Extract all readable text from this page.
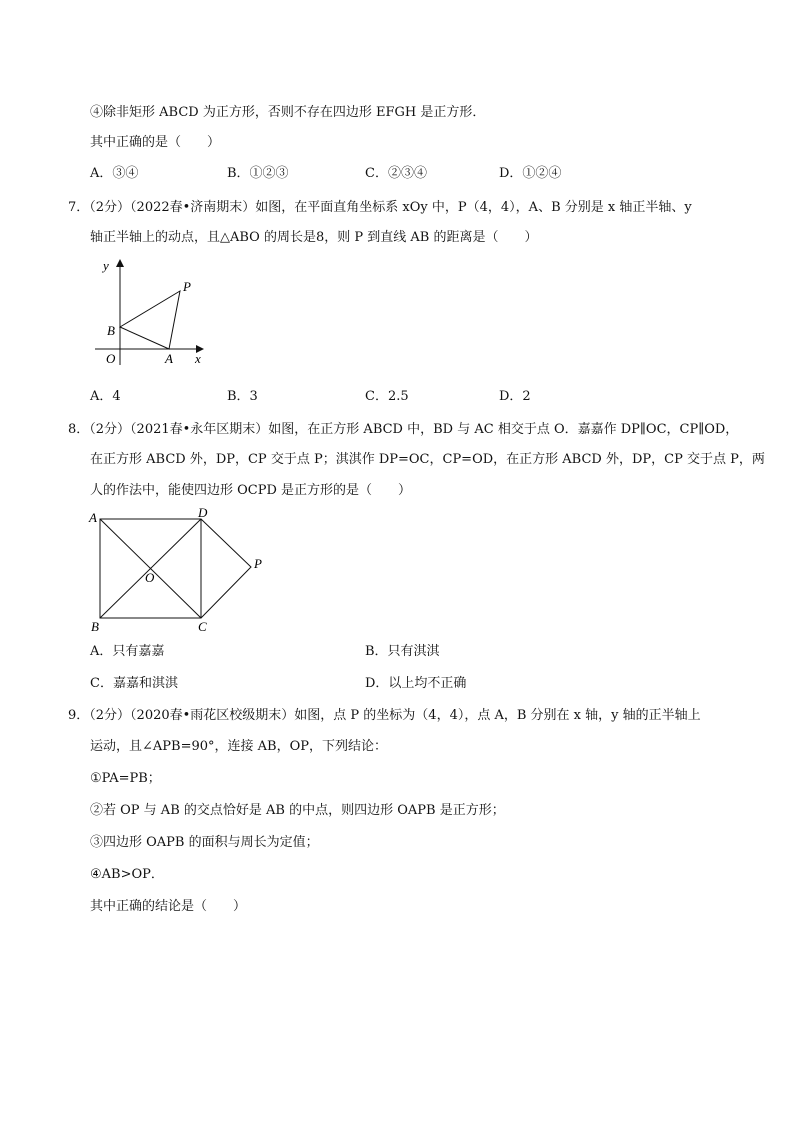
④除非矩形 ABCD 为正方形，否则不存在四边形 EFGH 是正方形．
其中正确的是（　　）
A．③④	B．①②③	C．②③④	D．①②④
7．（2分）（2022春•济南期末）如图，在平面直角坐标系 xOy 中，P（4，4），A、B 分别是 x 轴正半轴、y
轴正半轴上的动点，且△ABO 的周长是8，则 P 到直线 AB 的距离是（　　）
y
P
B
O	A x
A．4	B．3	C．2.5	D．2
8．（2分）（2021春•永年区期末）如图，在正方形 ABCD 中，BD 与 AC 相交于点 O．嘉嘉作 DP∥OC，CP∥OD，
在正方形 ABCD 外，DP，CP 交于点 P；淇淇作 DP=OC，CP=OD，在正方形 ABCD 外，DP，CP 交于点 P，两
人的作法中，能使四边形 OCPD 是正方形的是（　　）
A	D
O
P
B	C
A．只有嘉嘉	B．只有淇淇
C．嘉嘉和淇淇	D．以上均不正确
9．（2分）（2020春•雨花区校级期末）如图，点 P 的坐标为（4，4），点 A，B 分别在 x 轴，y 轴的正半轴上
运动，且∠APB=90°，连接 AB，OP，下列结论：
①PA=PB；
②若 OP 与 AB 的交点恰好是 AB 的中点，则四边形 OAPB 是正方形；
③四边形 OAPB 的面积与周长为定值；
④AB>OP．
其中正确的结论是（　　）
